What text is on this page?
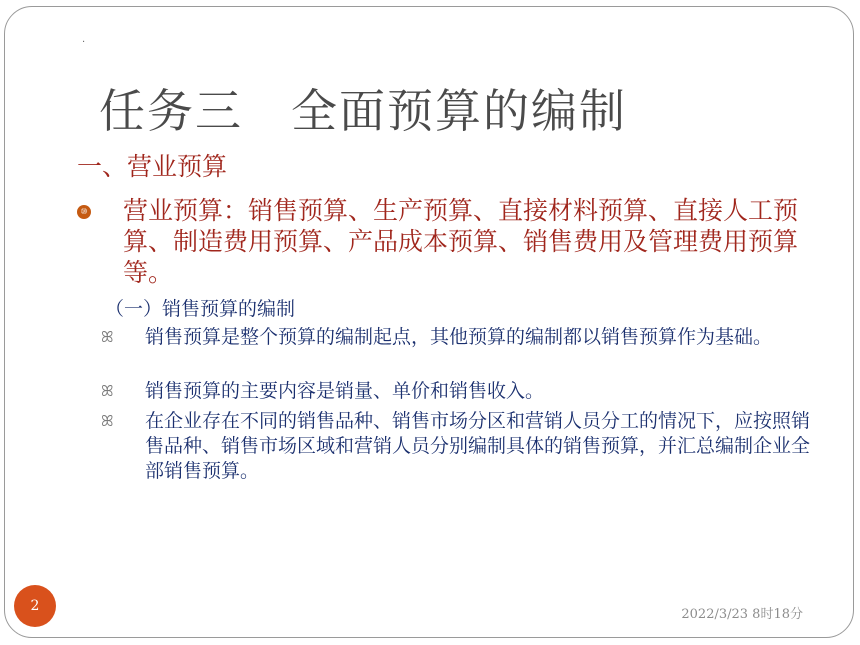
·
任务三 全面预算的编制
一、营业预算
⑩ 营业预算：销售预算、生产预算、直接材料预算、直接人工预算、制造费用预算、产品成本预算、销售费用及管理费用预算等。
（一）销售预算的编制
ꕤ	销售预算是整个预算的编制起点，其他预算的编制都以销售预算作为基础。
ꕤ	销售预算的主要内容是销量、单价和销售收入。
ꕤ	在企业存在不同的销售品种、销售市场分区和营销人员分工的情况下，应按照销售品种、销售市场区域和营销人员分别编制具体的销售预算，并汇总编制企业全部销售预算。
2022/3/23 8时18分
2
